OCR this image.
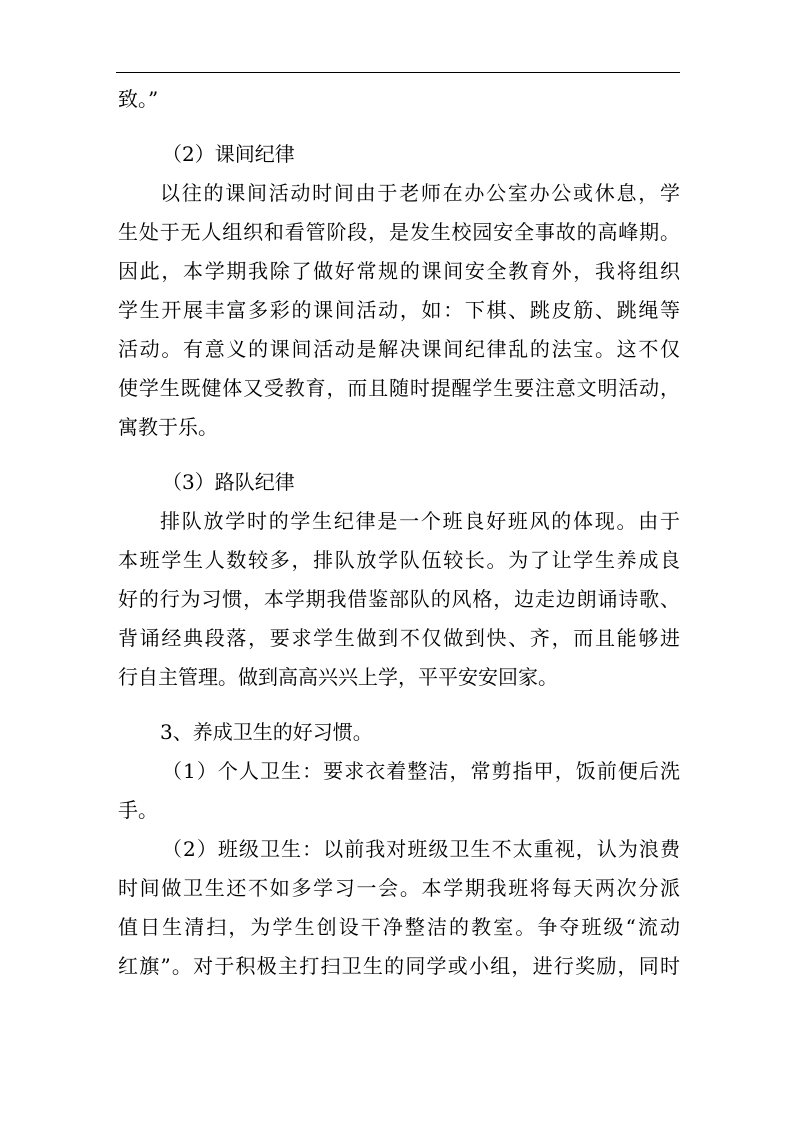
致。”
（2）课间纪律
以往的课间活动时间由于老师在办公室办公或休息，学
生处于无人组织和看管阶段，是发生校园安全事故的高峰期。
因此，本学期我除了做好常规的课间安全教育外，我将组织
学生开展丰富多彩的课间活动，如：下棋、跳皮筋、跳绳等
活动。有意义的课间活动是解决课间纪律乱的法宝。这不仅
使学生既健体又受教育，而且随时提醒学生要注意文明活动，
寓教于乐。
（3）路队纪律
排队放学时的学生纪律是一个班良好班风的体现。由于
本班学生人数较多，排队放学队伍较长。为了让学生养成良
好的行为习惯，本学期我借鉴部队的风格，边走边朗诵诗歌、
背诵经典段落，要求学生做到不仅做到快、齐，而且能够进
行自主管理。做到高高兴兴上学，平平安安回家。
3、养成卫生的好习惯。
（1）个人卫生：要求衣着整洁，常剪指甲，饭前便后洗
手。
（2）班级卫生：以前我对班级卫生不太重视，认为浪费
时间做卫生还不如多学习一会。本学期我班将每天两次分派
值日生清扫，为学生创设干净整洁的教室。争夺班级“流动
红旗”。对于积极主打扫卫生的同学或小组，进行奖励，同时
